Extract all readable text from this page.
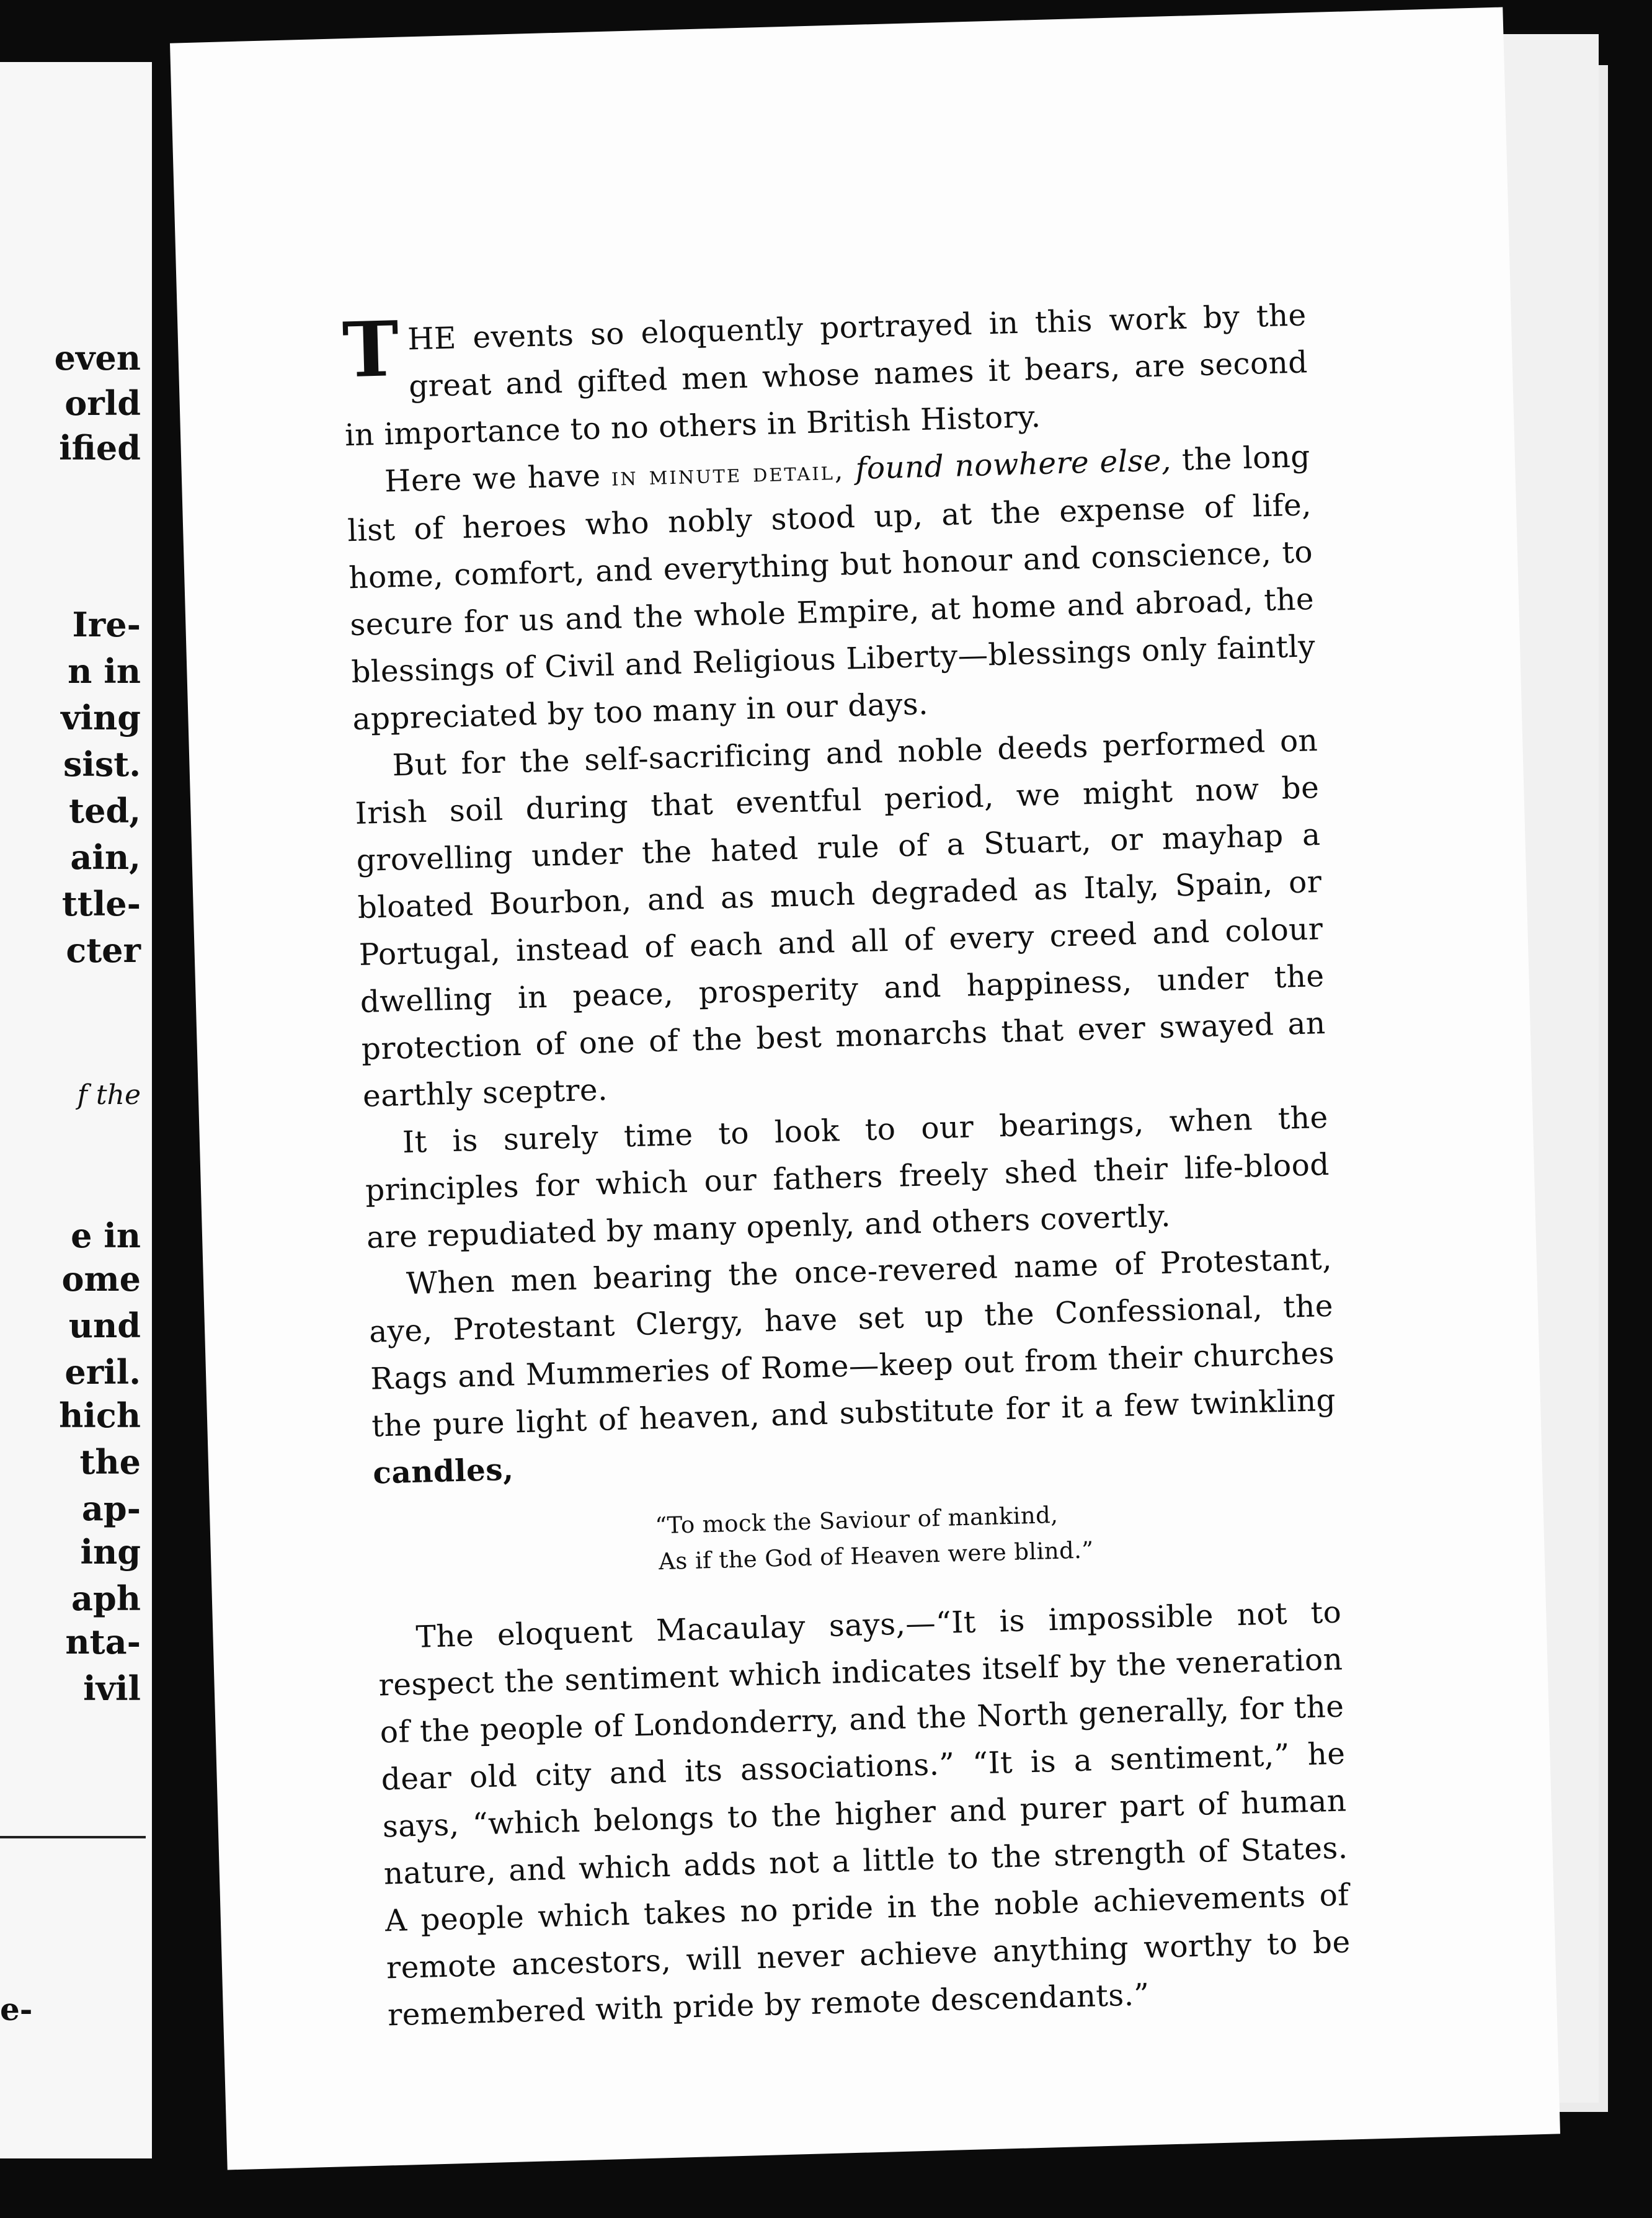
even
orld
ified
Ire-
n in
ving
sist.
ted,
ain,
ttle-
cter
f the
e in
ome
und
eril.
hich
the
ap-
ing
aph
nta-
ivil
e-

THE events so eloquently portrayed in this work by the great and gifted men whose names it bears, are second in importance to no others in British History.

Here we have in minute detail, found nowhere else, the long list of heroes who nobly stood up, at the expense of life, home, comfort, and everything but honour and conscience, to secure for us and the whole Empire, at home and abroad, the blessings of Civil and Religious Liberty—blessings only faintly appreciated by too many in our days.

But for the self-sacrificing and noble deeds performed on Irish soil during that eventful period, we might now be grovelling under the hated rule of a Stuart, or mayhap a bloated Bourbon, and as much degraded as Italy, Spain, or Portugal, instead of each and all of every creed and colour dwelling in peace, prosperity and happiness, under the protection of one of the best monarchs that ever swayed an earthly sceptre.

It is surely time to look to our bearings, when the principles for which our fathers freely shed their life-blood are repudiated by many openly, and others covertly.

When men bearing the once-revered name of Protestant, aye, Protestant Clergy, have set up the Confessional, the Rags and Mummeries of Rome—keep out from their churches the pure light of heaven, and substitute for it a few twinkling candles,

“To mock the Saviour of mankind,
As if the God of Heaven were blind.”

The eloquent Macaulay says,—“It is impossible not to respect the sentiment which indicates itself by the veneration of the people of Londonderry, and the North generally, for the dear old city and its associations.” “It is a sentiment,” he says, “which belongs to the higher and purer part of human nature, and which adds not a little to the strength of States. A people which takes no pride in the noble achievements of remote ancestors, will never achieve anything worthy to be remembered with pride by remote descendants.”
